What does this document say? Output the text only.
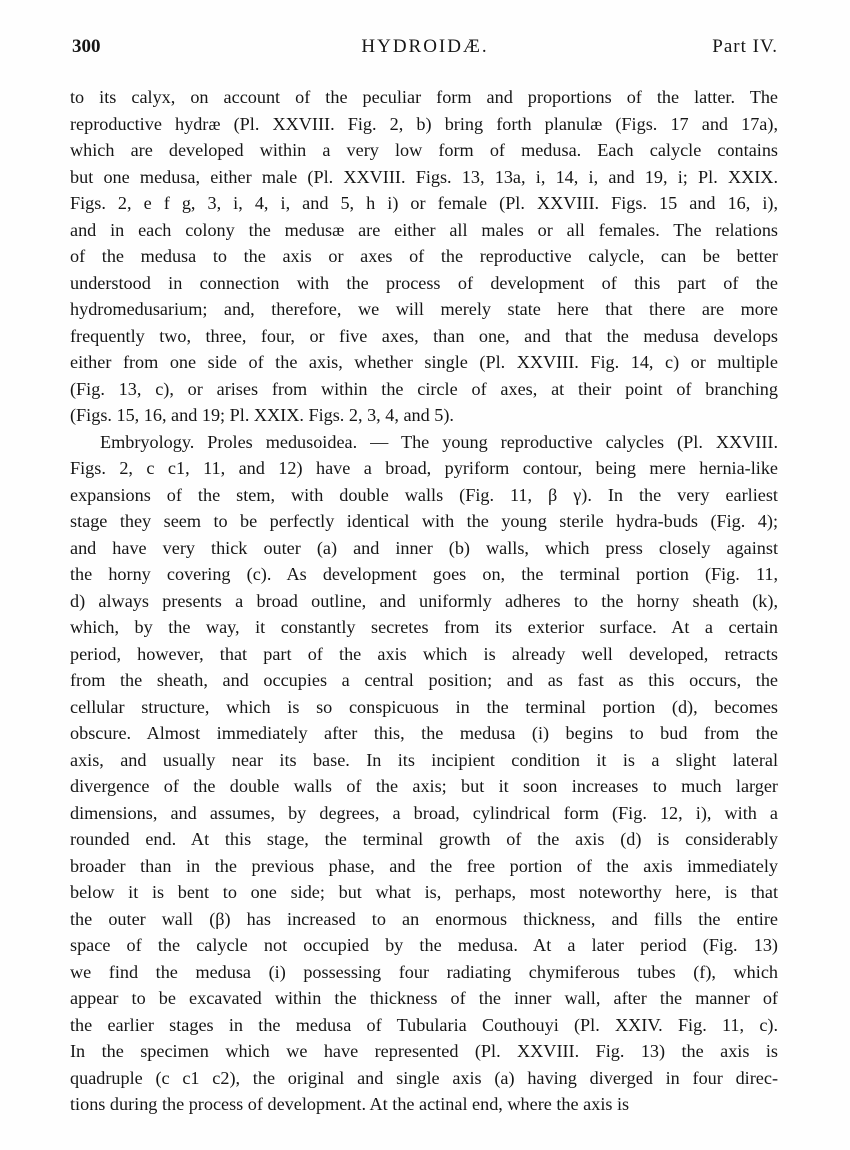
300	HYDROIDÆ.	Part IV.
to its calyx, on account of the peculiar form and proportions of the latter. The
reproductive hydræ (Pl. XXVIII. Fig. 2, b) bring forth planulæ (Figs. 17 and 17a),
which are developed within a very low form of medusa. Each calycle contains
but one medusa, either male (Pl. XXVIII. Figs. 13, 13a, i, 14, i, and 19, i; Pl. XXIX.
Figs. 2, e f g, 3, i, 4, i, and 5, h i) or female (Pl. XXVIII. Figs. 15 and 16, i),
and in each colony the medusæ are either all males or all females. The relations
of the medusa to the axis or axes of the reproductive calycle, can be better
understood in connection with the process of development of this part of the
hydromedusarium; and, therefore, we will merely state here that there are more
frequently two, three, four, or five axes, than one, and that the medusa develops
either from one side of the axis, whether single (Pl. XXVIII. Fig. 14, c) or multiple
(Fig. 13, c), or arises from within the circle of axes, at their point of branching
(Figs. 15, 16, and 19; Pl. XXIX. Figs. 2, 3, 4, and 5).
Embryology. Proles medusoidea. — The young reproductive calycles (Pl. XXVIII.
Figs. 2, c c1, 11, and 12) have a broad, pyriform contour, being mere hernia-like
expansions of the stem, with double walls (Fig. 11, β γ). In the very earliest
stage they seem to be perfectly identical with the young sterile hydra-buds (Fig. 4);
and have very thick outer (a) and inner (b) walls, which press closely against
the horny covering (c). As development goes on, the terminal portion (Fig. 11,
d) always presents a broad outline, and uniformly adheres to the horny sheath (k),
which, by the way, it constantly secretes from its exterior surface. At a certain
period, however, that part of the axis which is already well developed, retracts
from the sheath, and occupies a central position; and as fast as this occurs, the
cellular structure, which is so conspicuous in the terminal portion (d), becomes
obscure. Almost immediately after this, the medusa (i) begins to bud from the
axis, and usually near its base. In its incipient condition it is a slight lateral
divergence of the double walls of the axis; but it soon increases to much larger
dimensions, and assumes, by degrees, a broad, cylindrical form (Fig. 12, i), with a
rounded end. At this stage, the terminal growth of the axis (d) is considerably
broader than in the previous phase, and the free portion of the axis immediately
below it is bent to one side; but what is, perhaps, most noteworthy here, is that
the outer wall (β) has increased to an enormous thickness, and fills the entire
space of the calycle not occupied by the medusa. At a later period (Fig. 13)
we find the medusa (i) possessing four radiating chymiferous tubes (f), which
appear to be excavated within the thickness of the inner wall, after the manner of
the earlier stages in the medusa of Tubularia Couthouyi (Pl. XXIV. Fig. 11, c).
In the specimen which we have represented (Pl. XXVIII. Fig. 13) the axis is
quadruple (c c1 c2), the original and single axis (a) having diverged in four direc-
tions during the process of development. At the actinal end, where the axis is
